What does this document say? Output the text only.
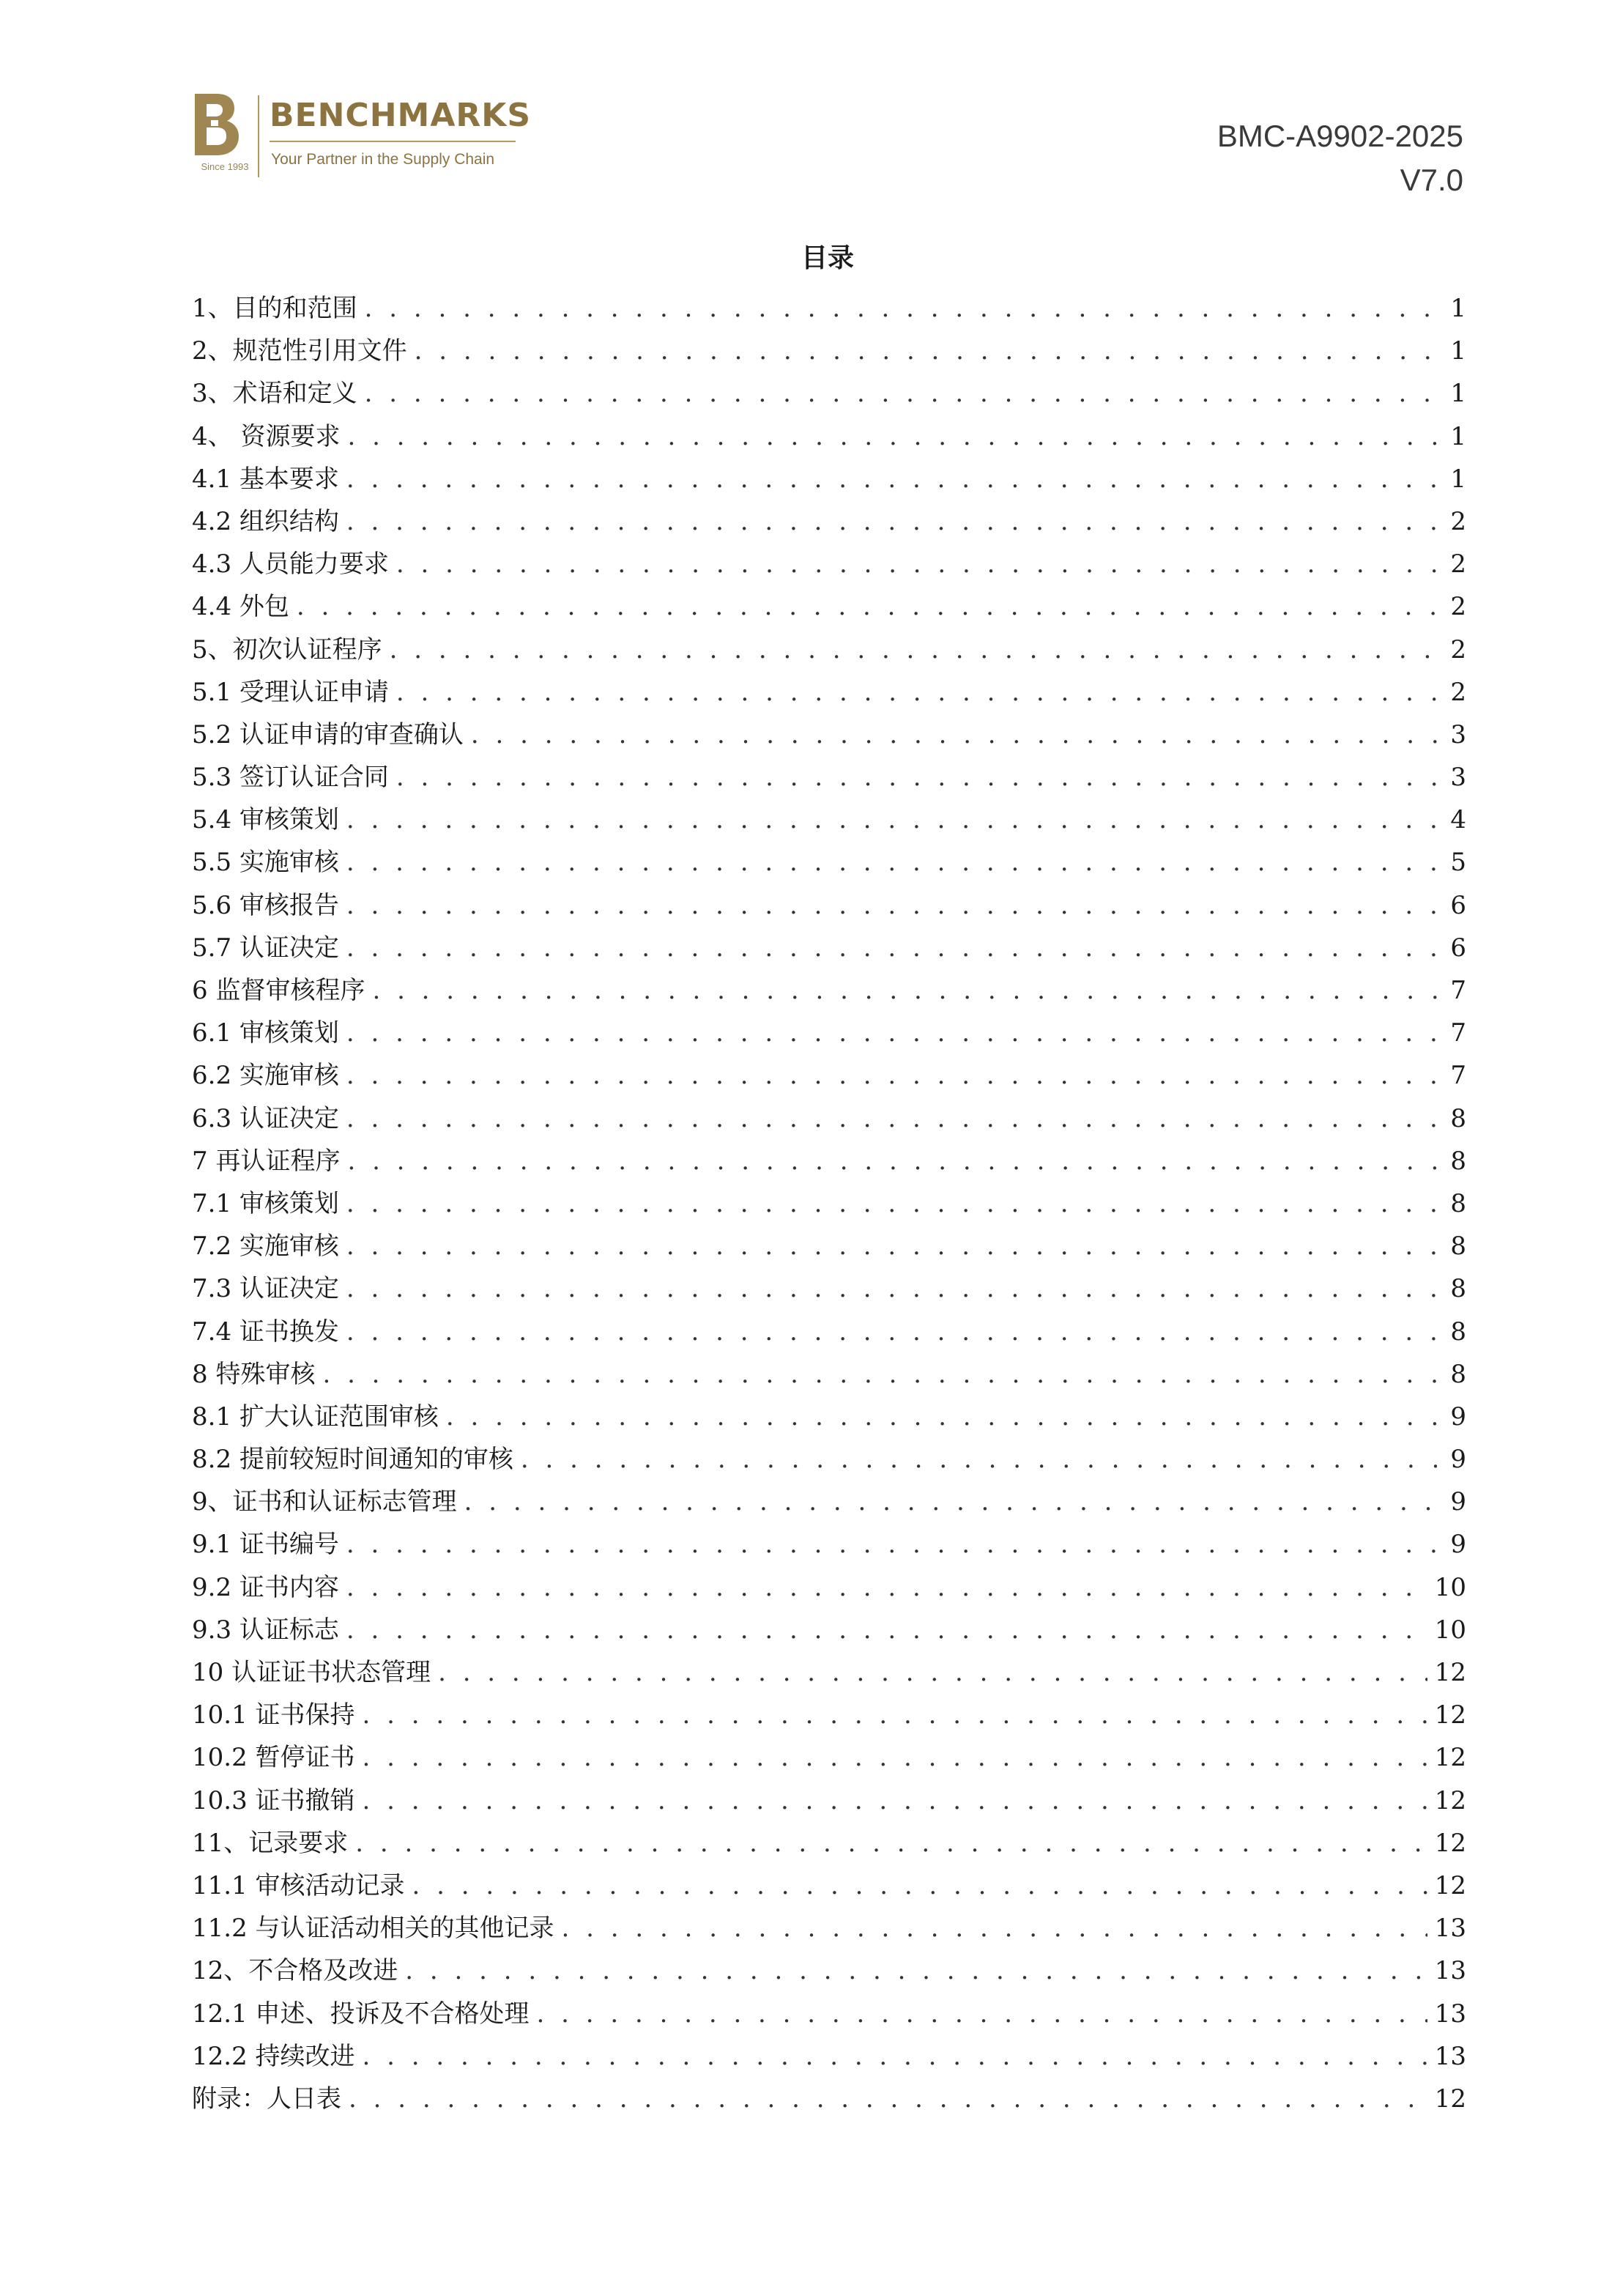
Since 1993
BENCHMARKS
Your Partner in the Supply Chain
BMC-A9902-2025
V7.0
目录
1、目的和范围 . . .	1
2、规范性引用文件 . . .	1
3、术语和定义 . . .	1
4、 资源要求 . . .	1
4.1 基本要求 . . .	1
4.2 组织结构 . . .	2
4.3 人员能力要求 . . .	2
4.4 外包 . . .	2
5、初次认证程序 . . .	2
5.1 受理认证申请 . . .	2
5.2 认证申请的审查确认 . . .	3
5.3 签订认证合同 . . .	3
5.4 审核策划 . . .	4
5.5 实施审核 . . .	5
5.6 审核报告 . . .	6
5.7 认证决定 . . .	6
6 监督审核程序 . . .	7
6.1 审核策划 . . .	7
6.2 实施审核 . . .	7
6.3 认证决定 . . .	8
7 再认证程序 . . .	8
7.1 审核策划 . . .	8
7.2 实施审核 . . .	8
7.3 认证决定 . . .	8
7.4 证书换发 . . .	8
8 特殊审核 . . .	8
8.1 扩大认证范围审核 . . .	9
8.2 提前较短时间通知的审核 . . .	9
9、证书和认证标志管理 . . .	9
9.1 证书编号 . . .	9
9.2 证书内容 . . .	10
9.3 认证标志 . . .	10
10 认证证书状态管理 . . .	12
10.1 证书保持 . . .	12
10.2 暂停证书 . . .	12
10.3 证书撤销 . . .	12
11、记录要求 . . .	12
11.1 审核活动记录 . . .	12
11.2 与认证活动相关的其他记录 . . .	13
12、不合格及改进 . . .	13
12.1 申述、投诉及不合格处理 . . .	13
12.2 持续改进 . . .	13
附录：人日表 . . .	12
